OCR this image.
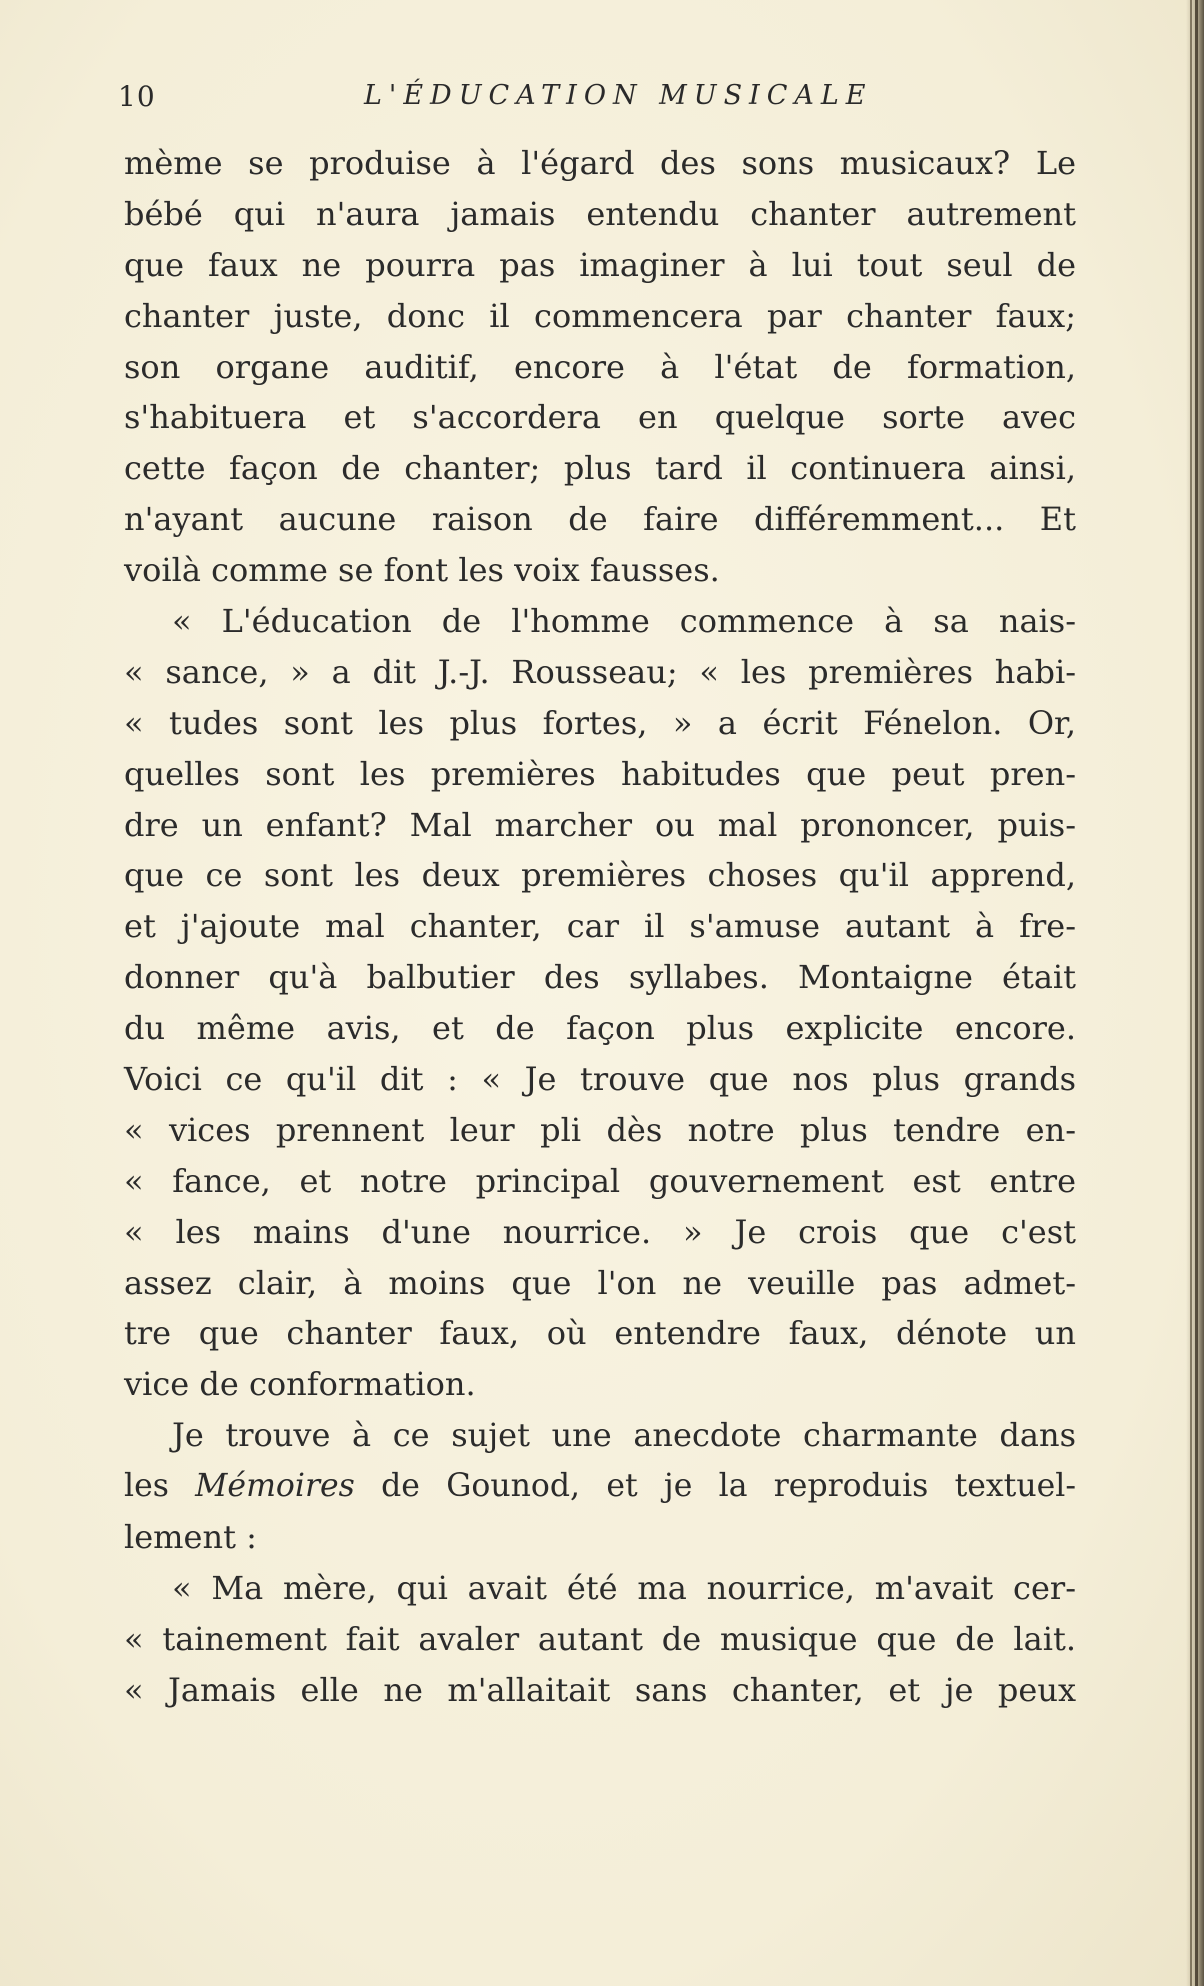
10	L'ÉDUCATION MUSICALE
mème se produise à l'égard des sons musicaux? Le
bébé qui n'aura jamais entendu chanter autrement
que faux ne pourra pas imaginer à lui tout seul de
chanter juste, donc il commencera par chanter faux;
son organe auditif, encore à l'état de formation,
s'habituera et s'accordera en quelque sorte avec
cette façon de chanter; plus tard il continuera ainsi,
n'ayant aucune raison de faire différemment... Et
voilà comme se font les voix fausses.
« L'éducation de l'homme commence à sa nais-
« sance, » a dit J.-J. Rousseau; « les premières habi-
« tudes sont les plus fortes, » a écrit Fénelon. Or,
quelles sont les premières habitudes que peut pren-
dre un enfant? Mal marcher ou mal prononcer, puis-
que ce sont les deux premières choses qu'il apprend,
et j'ajoute mal chanter, car il s'amuse autant à fre-
donner qu'à balbutier des syllabes. Montaigne était
du même avis, et de façon plus explicite encore.
Voici ce qu'il dit : « Je trouve que nos plus grands
« vices prennent leur pli dès notre plus tendre en-
« fance, et notre principal gouvernement est entre
« les mains d'une nourrice. » Je crois que c'est
assez clair, à moins que l'on ne veuille pas admet-
tre que chanter faux, où entendre faux, dénote un
vice de conformation.
Je trouve à ce sujet une anecdote charmante dans
les Mémoires de Gounod, et je la reproduis textuel-
lement :
« Ma mère, qui avait été ma nourrice, m'avait cer-
« tainement fait avaler autant de musique que de lait.
« Jamais elle ne m'allaitait sans chanter, et je peux
